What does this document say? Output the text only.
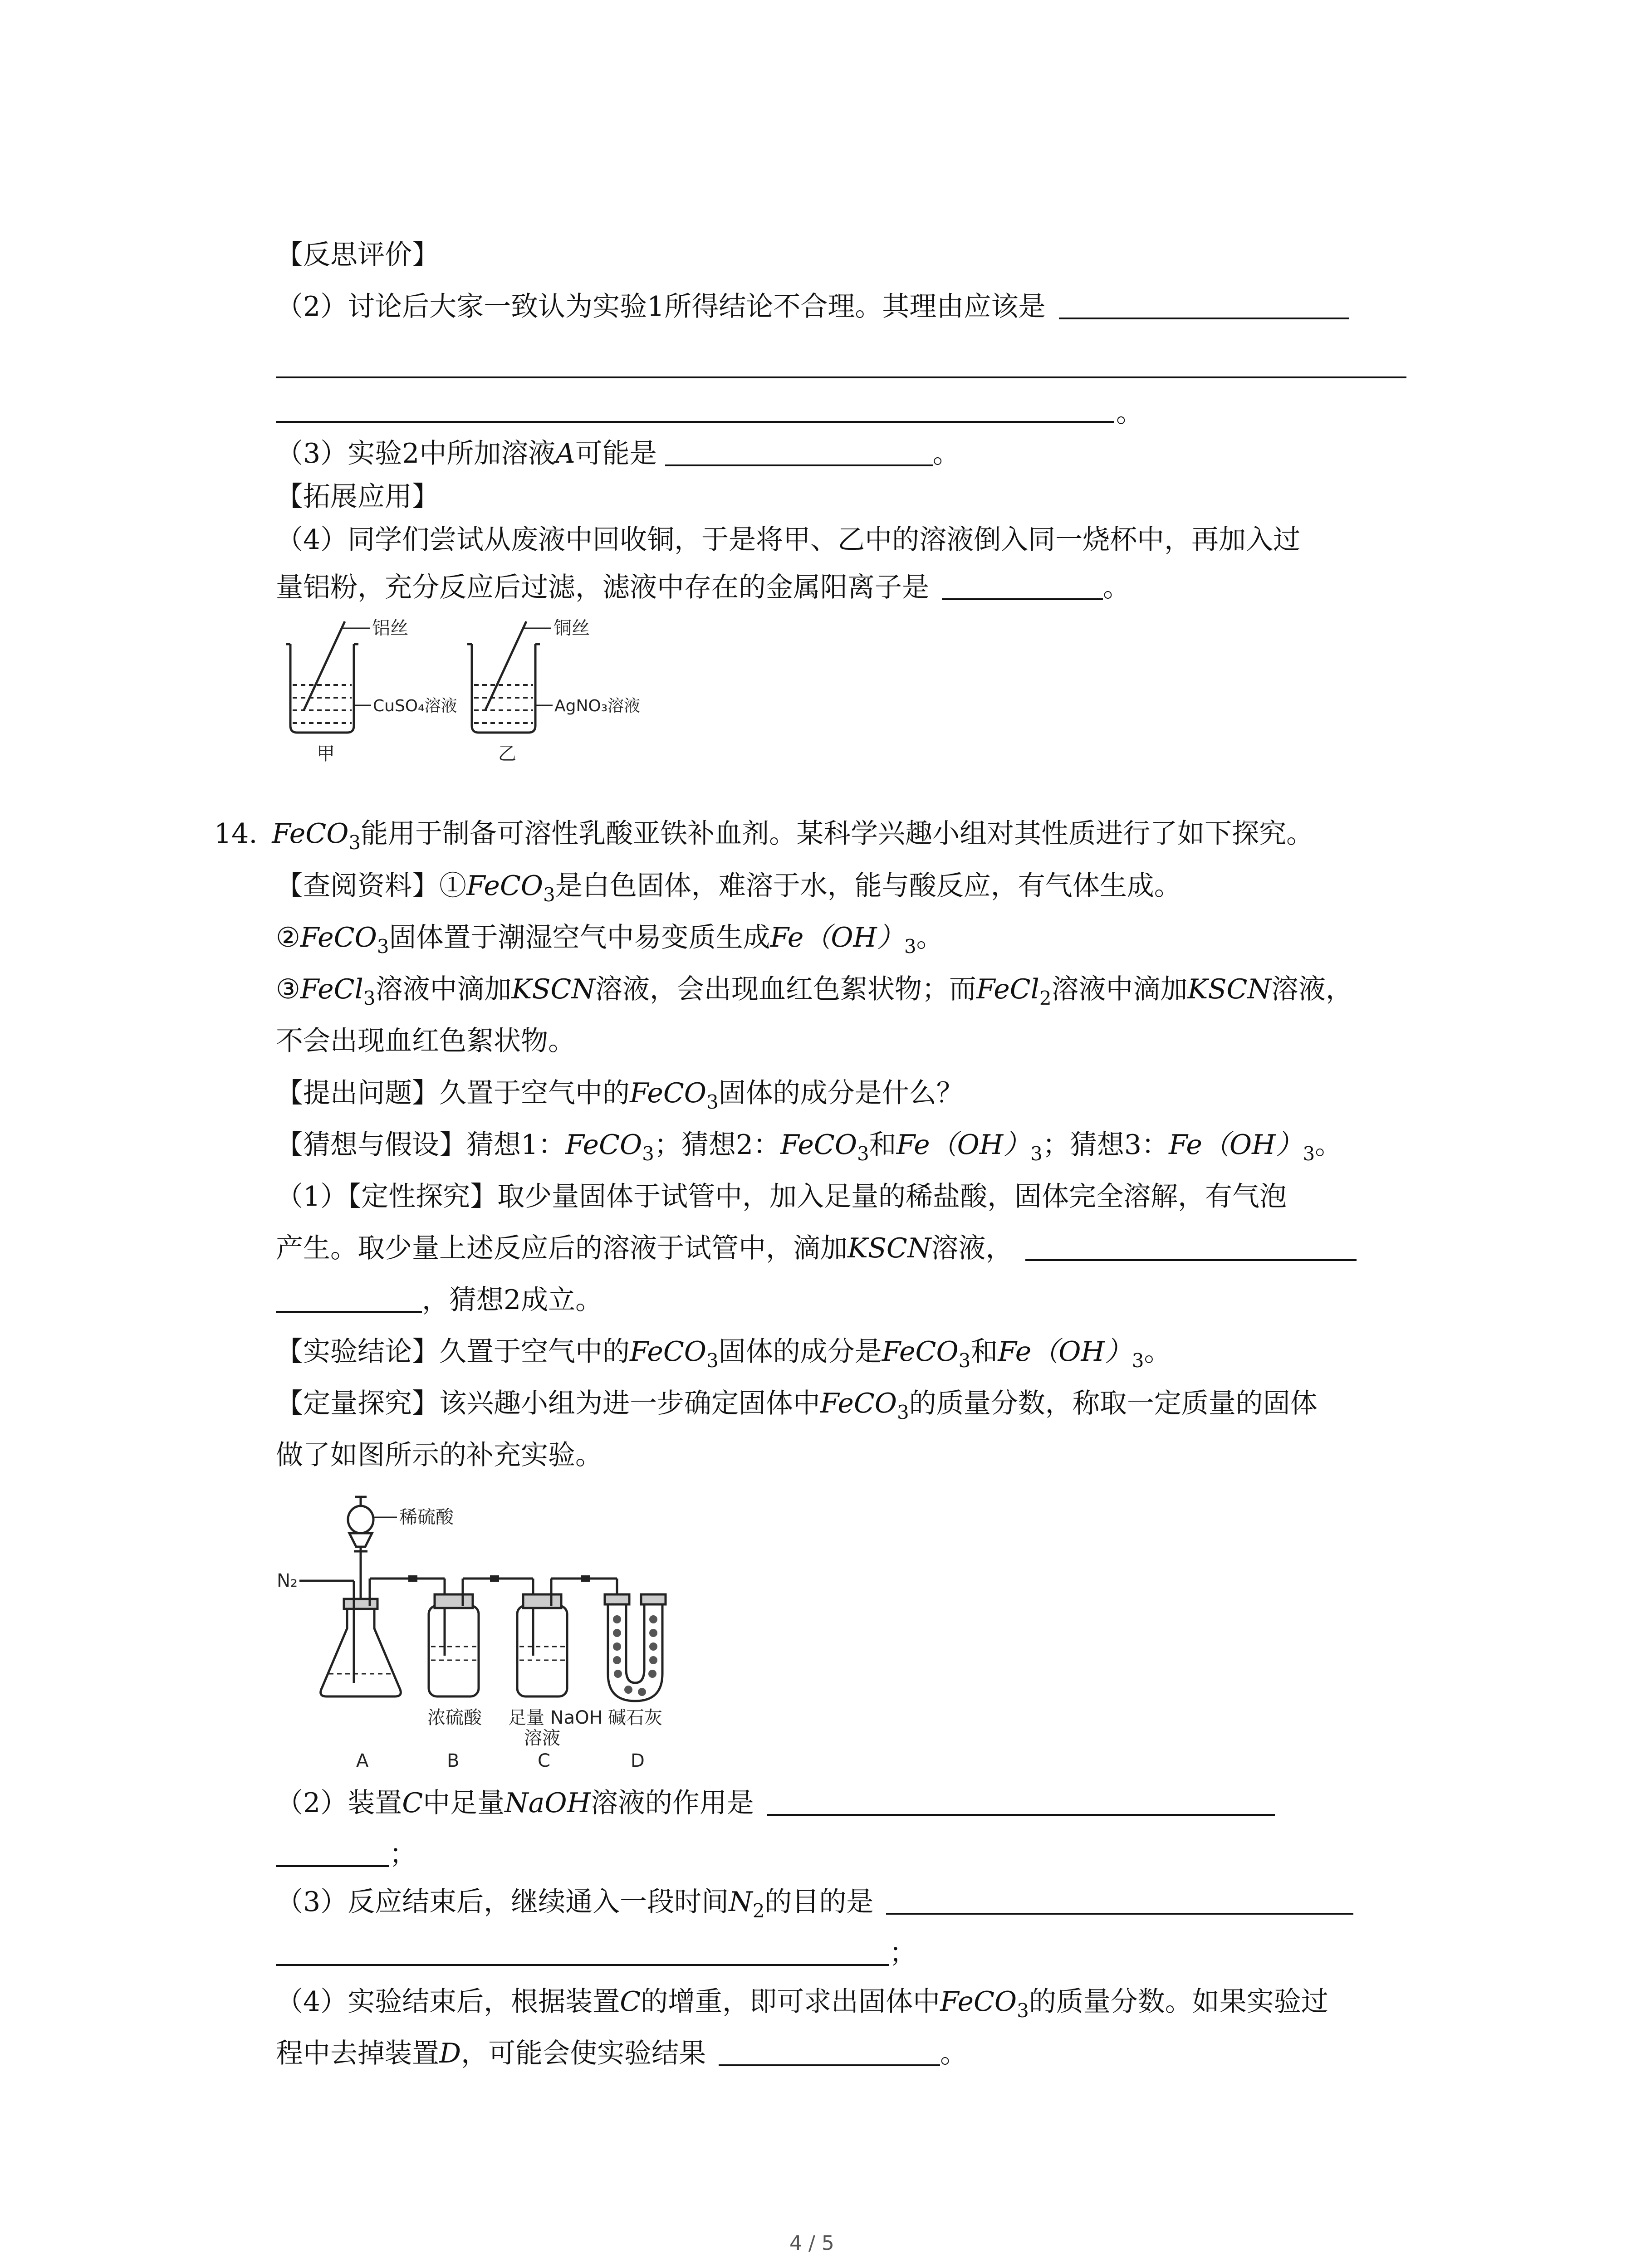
【反思评价】
（2）讨论后大家一致认为实验1所得结论不合理。其理由应该是
。
（3）实验2中所加溶液A可能是	。
【拓展应用】
（4）同学们尝试从废液中回收铜，于是将甲、乙中的溶液倒入同一烧杯中，再加入过
量铝粉，充分反应后过滤，滤液中存在的金属阳离子是	。
铝丝
CuSO₄溶液
甲
铜丝
AgNO₃溶液
乙
14. FeCO$_3$能用于制备可溶性乳酸亚铁补血剂。某科学兴趣小组对其性质进行了如下探究。
【查阅资料】①FeCO$_3$是白色固体，难溶于水，能与酸反应，有气体生成。
②FeCO$_3$固体置于潮湿空气中易变质生成$Fe(OH)_3$。
③FeCl$_3$溶液中滴加KSCN溶液，会出现血红色絮状物；而FeCl$_2$溶液中滴加KSCN溶液，
不会出现血红色絮状物。
【提出问题】久置于空气中的FeCO$_3$固体的成分是什么？
【猜想与假设】猜想1：FeCO$_3$；猜想2：FeCO$_3$和$Fe(OH)_3$；猜想3：$Fe(OH)_3$。
（1）【定性探究】取少量固体于试管中，加入足量的稀盐酸，固体完全溶解，有气泡
产生。取少量上述反应后的溶液于试管中，滴加KSCN溶液，
，猜想2成立。
【实验结论】久置于空气中的FeCO$_3$固体的成分是FeCO$_3$和$Fe(OH)_3$。
【定量探究】该兴趣小组为进一步确定固体中FeCO$_3$的质量分数，称取一定质量的固体
做了如图所示的补充实验。
稀硫酸
N₂
浓硫酸 足量 NaOH
溶液
碱石灰
A	B	C	D
（2）装置C中足量NaOH溶液的作用是
；
（3）反应结束后，继续通入一段时间$N_2$的目的是
；
（4）实验结束后，根据装置C的增重，即可求出固体中FeCO$_3$的质量分数。如果实验过
程中去掉装置D，可能会使实验结果	。
4 / 5
